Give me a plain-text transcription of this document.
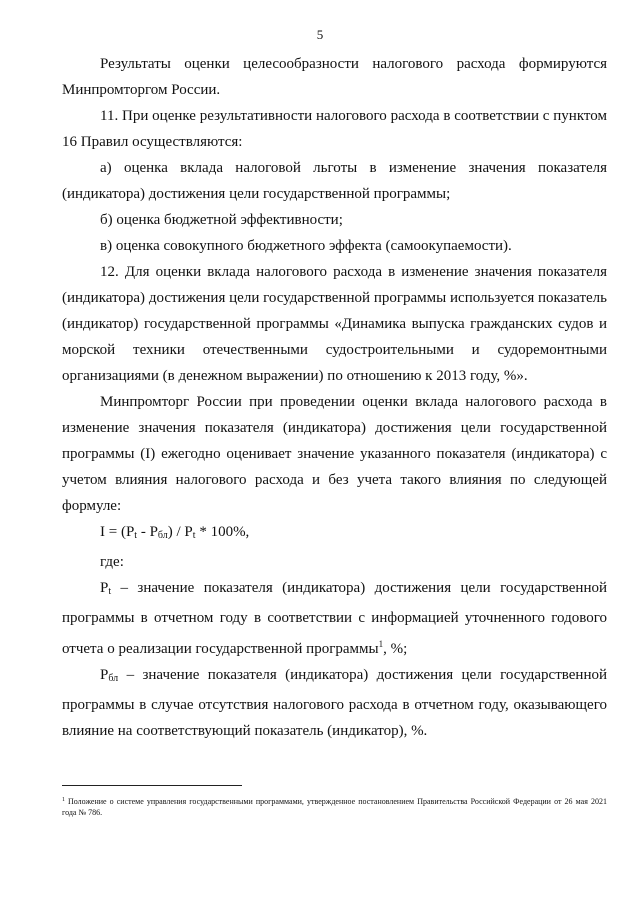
5

Результаты оценки целесообразности налогового расхода формируются Минпромторгом России.

11. При оценке результативности налогового расхода в соответствии с пунктом 16 Правил осуществляются:

а) оценка вклада налоговой льготы в изменение значения показателя (индикатора) достижения цели государственной программы;

б) оценка бюджетной эффективности;

в) оценка совокупного бюджетного эффекта (самоокупаемости).

12. Для оценки вклада налогового расхода в изменение значения показателя (индикатора) достижения цели государственной программы используется показатель (индикатор) государственной программы «Динамика выпуска гражданских судов и морской техники отечественными судостроительными и судоремонтными организациями (в денежном выражении) по отношению к 2013 году, %».

Минпромторг России при проведении оценки вклада налогового расхода в изменение значения показателя (индикатора) достижения цели государственной программы (I) ежегодно оценивает значение указанного показателя (индикатора) с учетом влияния налогового расхода и без учета такого влияния по следующей формуле:

$I = (P_t - P_{бл}) / P_t * 100\%$,

где:

$P_t$ – значение показателя (индикатора) достижения цели государственной программы в отчетном году в соответствии с информацией уточненного годового отчета о реализации государственной программы$^1$, %;

$P_{бл}$ – значение показателя (индикатора) достижения цели государственной программы в случае отсутствия налогового расхода в отчетном году, оказывающего влияние на соответствующий показатель (индикатор), %.

$^1$ Положение о системе управления государственными программами, утвержденное постановлением Правительства Российской Федерации от 26 мая 2021 года № 786.
